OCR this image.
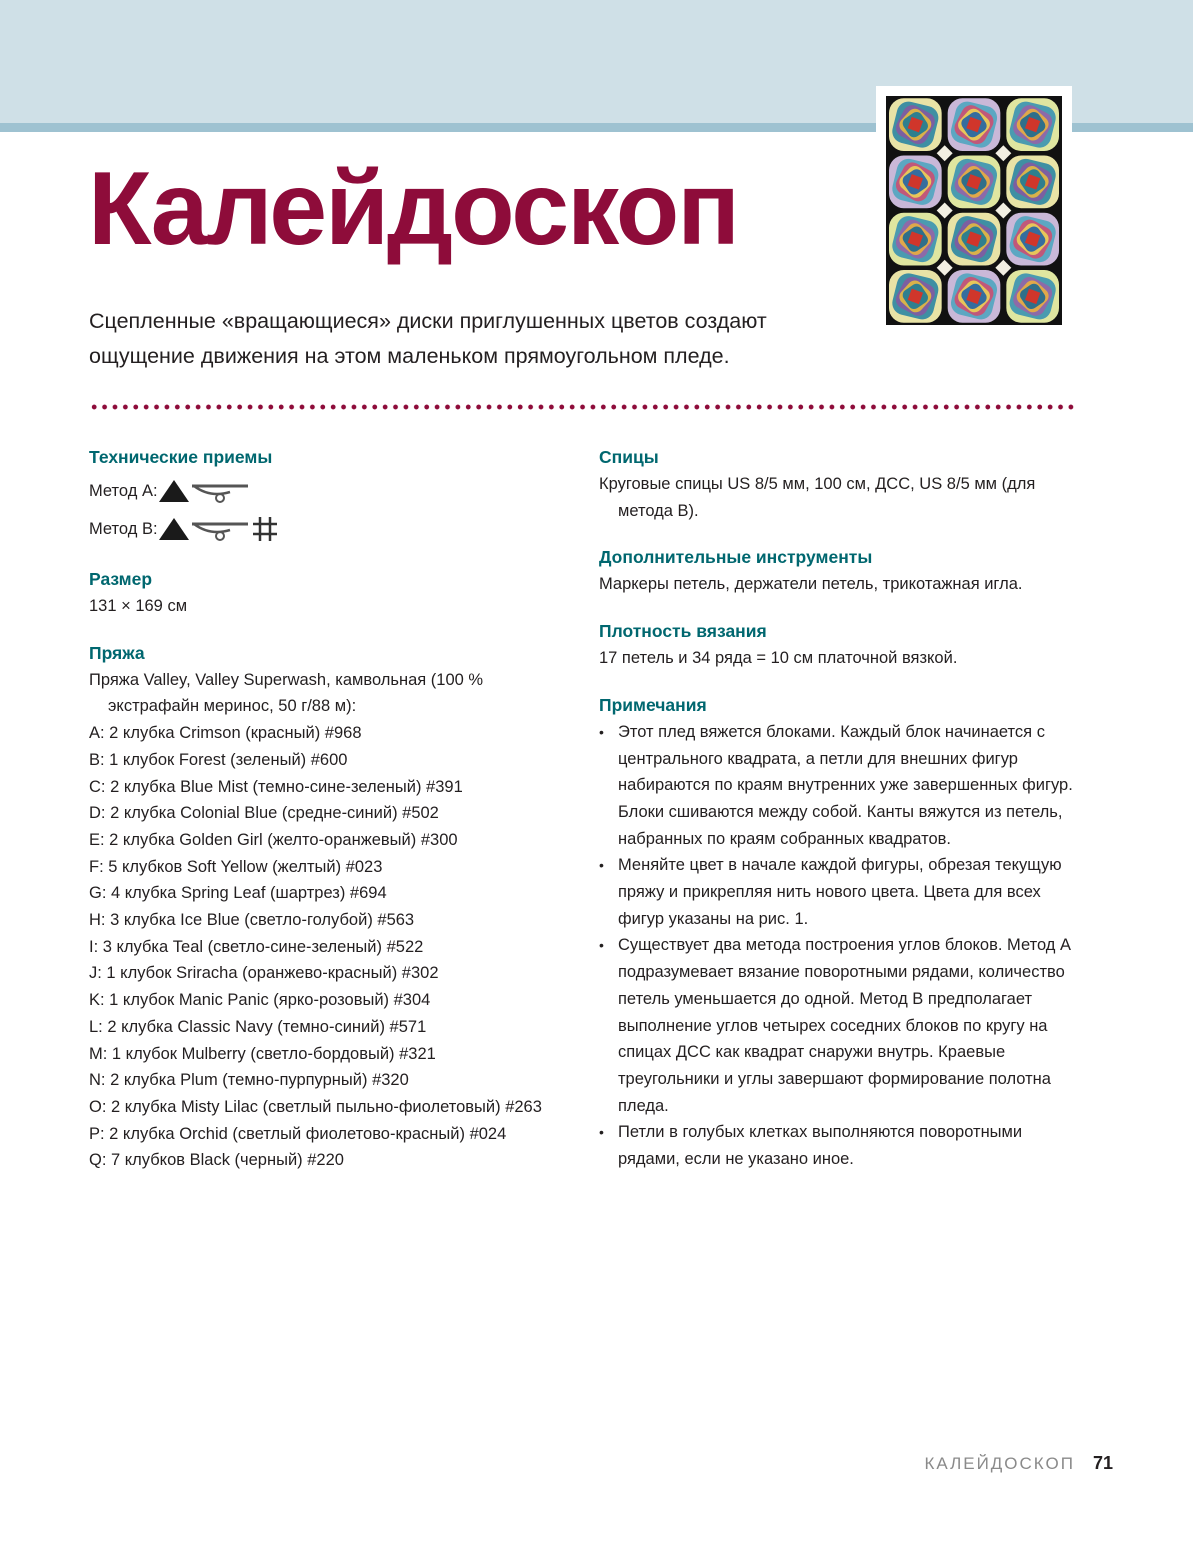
Калейдоскоп

Сцепленные «вращающиеся» диски приглушенных цветов создают ощущение движения на этом маленьком прямоугольном пледе.

Технические приемы
Метод A:
Метод B:
Размер

131 × 169 см

Пряжа

Пряжа Valley, Valley Superwash, камвольная (100 % экстрафайн меринос, 50 г/88 м):

A: 2 клубка Crimson (красный) #968

B: 1 клубок Forest (зеленый) #600

C: 2 клубка Blue Mist (темно-сине-зеленый) #391

D: 2 клубка Colonial Blue (средне-синий) #502

E: 2 клубка Golden Girl (желто-оранжевый) #300

F: 5 клубков Soft Yellow (желтый) #023

G: 4 клубка Spring Leaf (шартрез) #694

H: 3 клубка Ice Blue (светло-голубой) #563

I: 3 клубка Teal (светло-сине-зеленый) #522

J: 1 клубок Sriracha (оранжево-красный) #302

K: 1 клубок Manic Panic (ярко-розовый) #304

L: 2 клубка Classic Navy (темно-синий) #571

M: 1 клубок Mulberry (светло-бордовый) #321

N: 2 клубка Plum (темно-пурпурный) #320

O: 2 клубка Misty Lilac (светлый пыльно-фиолетовый) #263

P: 2 клубка Orchid (светлый фиолетово-красный) #024

Q: 7 клубков Black (черный) #220

Спицы

Круговые спицы US 8/5 мм, 100 см, ДСС, US 8/5 мм (для метода B).

Дополнительные инструменты

Маркеры петель, держатели петель, трикотажная игла.

Плотность вязания

17 петель и 34 ряда = 10 см платочной вязкой.

Примечания
• Этот плед вяжется блоками. Каждый блок начинается с центрального квадрата, а петли для внешних фигур набираются по краям внутренних уже завершенных фигур. Блоки сшиваются между собой. Канты вяжутся из петель, набранных по краям собранных квадратов.
• Меняйте цвет в начале каждой фигуры, обрезая текущую пряжу и прикрепляя нить нового цвета. Цвета для всех фигур указаны на рис. 1.
• Существует два метода построения углов блоков. Метод A подразумевает вязание поворотными рядами, количество петель уменьшается до одной. Метод B предполагает выполнение углов четырех соседних блоков по кругу на спицах ДСС как квадрат снаружи внутрь. Краевые треугольники и углы завершают формирование полотна пледа.
• Петли в голубых клетках выполняются поворотными рядами, если не указано иное.
КАЛЕЙДОСКОП 71
